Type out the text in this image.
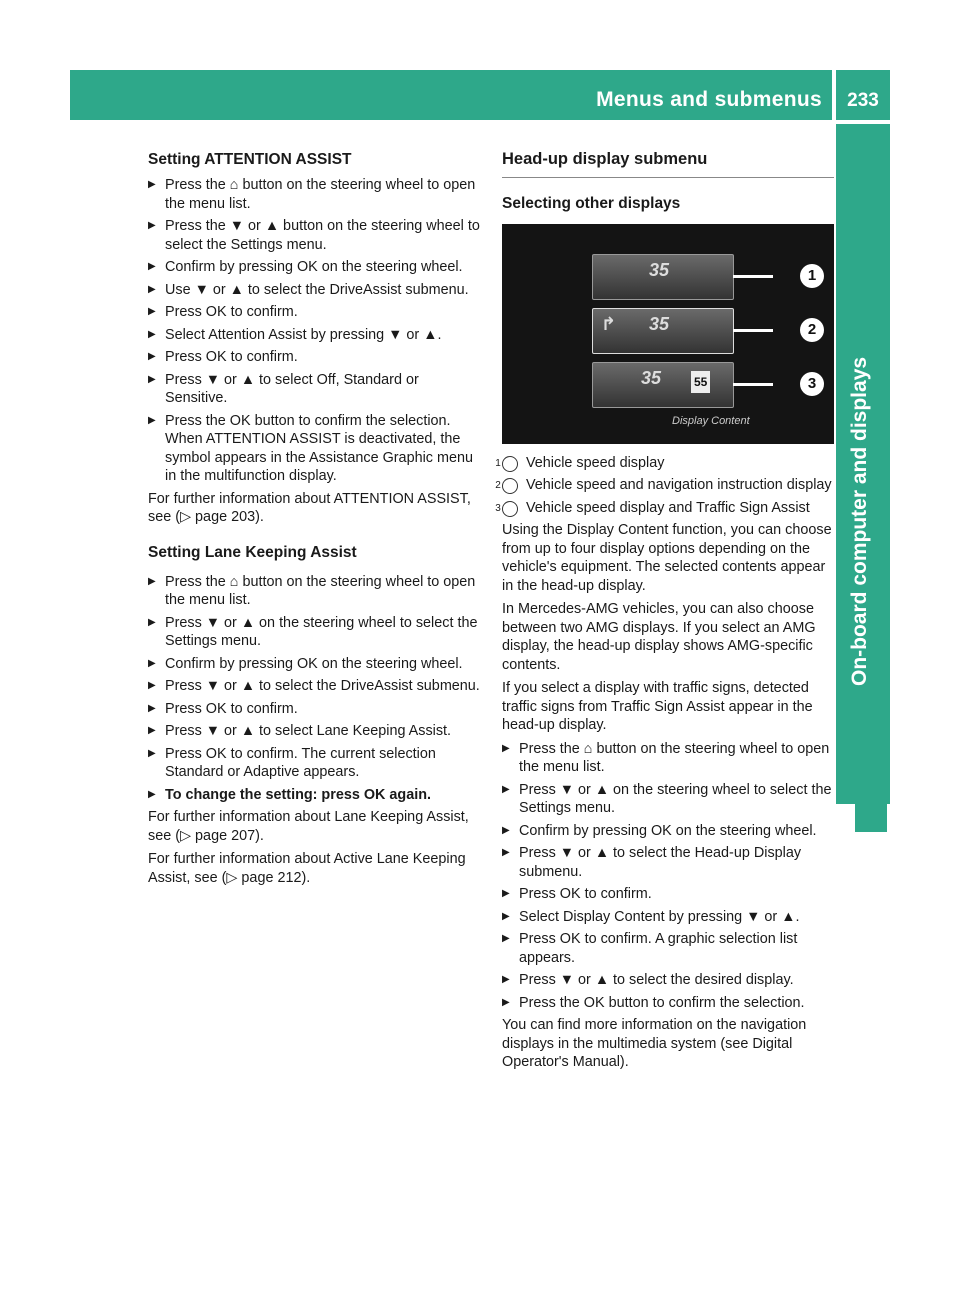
Menus and submenus	233
On-board computer and displays
Setting ATTENTION ASSIST
▶ Press the ⌂ button on the steering wheel to open the menu list.
▶ Press the ▼ or ▲ button on the steering wheel to select the Settings menu.
▶ Confirm by pressing OK on the steering wheel.
▶ Use ▼ or ▲ to select the DriveAssist submenu.
▶ Press OK to confirm.
▶ Select Attention Assist by pressing ▼ or ▲.
▶ Press OK to confirm.
▶ Press ▼ or ▲ to select Off, Standard or Sensitive.
▶ Press the OK button to confirm the selection. When ATTENTION ASSIST is deactivated, the symbol appears in the Assistance Graphic menu in the multifunction display.

For further information about ATTENTION ASSIST, see (▷ page 203).

Setting Lane Keeping Assist
▶ Press the ⌂ button on the steering wheel to open the menu list.
▶ Press ▼ or ▲ on the steering wheel to select the Settings menu.
▶ Confirm by pressing OK on the steering wheel.
▶ Press ▼ or ▲ to select the DriveAssist submenu.
▶ Press OK to confirm.
▶ Press ▼ or ▲ to select Lane Keeping Assist.
▶ Press OK to confirm. The current selection Standard or Adaptive appears.
▶ To change the setting: press OK again.

For further information about Lane Keeping Assist, see (▷ page 207).

For further information about Active Lane Keeping Assist, see (▷ page 212).

Head-up display submenu
Selecting other displays
35
↱ 35
35	55
1
2
3
Display Content
1 Vehicle speed display
2 Vehicle speed and navigation instruction display
3 Vehicle speed display and Traffic Sign Assist

Using the Display Content function, you can choose from up to four display options depending on the vehicle's equipment. The selected contents appear in the head-up display.

In Mercedes-AMG vehicles, you can also choose between two AMG displays. If you select an AMG display, the head-up display shows AMG-specific contents.

If you select a display with traffic signs, detected traffic signs from Traffic Sign Assist appear in the head-up display.

▶ Press the ⌂ button on the steering wheel to open the menu list.
▶ Press ▼ or ▲ on the steering wheel to select the Settings menu.
▶ Confirm by pressing OK on the steering wheel.
▶ Press ▼ or ▲ to select the Head-up Display submenu.
▶ Press OK to confirm.
▶ Select Display Content by pressing ▼ or ▲.
▶ Press OK to confirm. A graphic selection list appears.
▶ Press ▼ or ▲ to select the desired display.
▶ Press the OK button to confirm the selection.

You can find more information on the navigation displays in the multimedia system (see Digital Operator's Manual).
